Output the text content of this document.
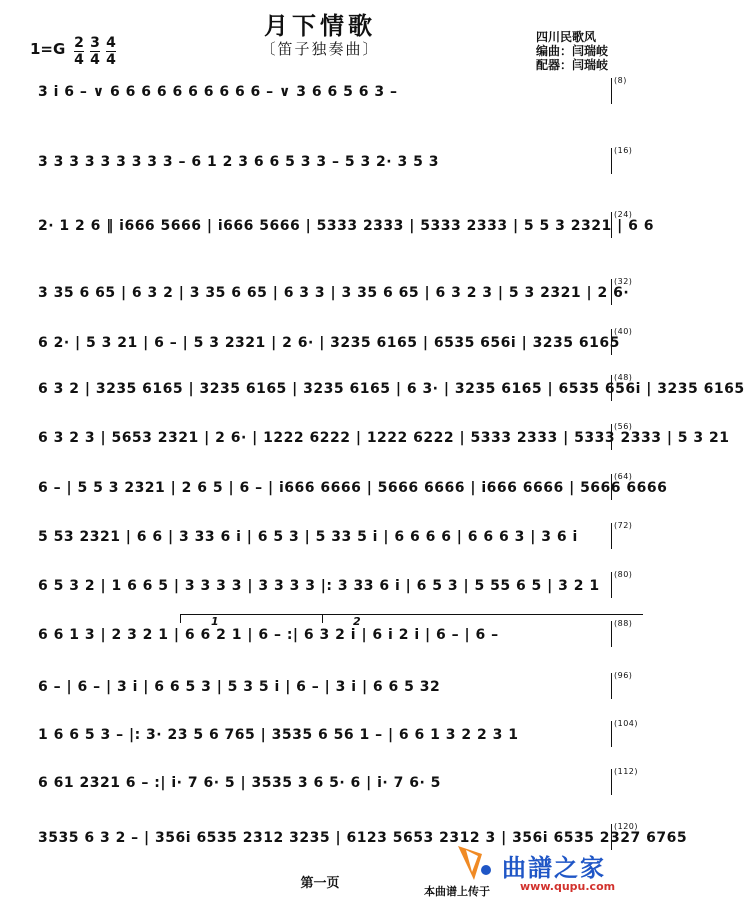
月下情歌
〔笛子独奏曲〕
四川民歌风
编曲：闫瑞岐
配器：闫瑞岐
$1=G \frac{2}{4} \frac{3}{4} \frac{4}{4}$
3 i 6 – ∨ 6 6 6 6 6 6 6 6 6 6 – ∨ 3 6 6 5 6 3 –
(8)
3 3 3 3 3 3 3 3 3 – 6 1 2 3 6 6 5 3 3 – 5 3 2· 3 5 3
(16)
2· 1 2 6 ‖ i666 5666 | i666 5666 | 5333 2333 | 5333 2333 | 5 5 3 2321 | 6 6
(24)
3 35 6 65 | 6 3 2 | 3 35 6 65 | 6 3 3 | 3 35 6 65 | 6 3 2 3 | 5 3 2321 | 2 6·
(32)
6 2· | 5 3 21 | 6 – | 5 3 2321 | 2 6· | 3235 6165 | 6535 656i | 3235 6165
(40)
6 3 2 | 3235 6165 | 3235 6165 | 3235 6165 | 6 3· | 3235 6165 | 6535 656i | 3235 6165
(48)
6 3 2 3 | 5653 2321 | 2 6· | 1222 6222 | 1222 6222 | 5333 2333 | 5333 2333 | 5 3 21
(56)
6 – | 5 5 3 2321 | 2 6 5 | 6 – | i666 6666 | 5666 6666 | i666 6666 | 5666 6666
(64)
5 53 2321 | 6 6 | 3 33 6 i | 6 5 3 | 5 33 5 i | 6 6 6 6 | 6 6 6 3 | 3 6 i
(72)
6 5 3 2 | 1 6 6 5 | 3 3 3 3 | 3 3 3 3 |: 3 33 6 i | 6 5 3 | 5 55 6 5 | 3 2 1
(80)
1	2
6 6 1 3 | 2 3 2 1 | 6 6 2 1 | 6 – :| 6 3 2 i | 6 i 2 i | 6 – | 6 –
(88)
6 – | 6 – | 3 i | 6 6 5 3 | 5 3 5 i | 6 – | 3 i | 6 6 5 32
(96)
1 6 6 5 3 – |: 3· 23 5 6 765 | 3535 6 56 1 – | 6 6 1 3 2 2 3 1
(104)
6 61 2321 6 – :| i· 7 6· 5 | 3535 3 6 5· 6 | i· 7 6· 5
(112)
3535 6 3 2 – | 356i 6535 2312 3235 | 6123 5653 2312 3 | 356i 6535 2327 6765
(120)
第一页
本曲谱上传于
曲譜之家
www.qupu.com
